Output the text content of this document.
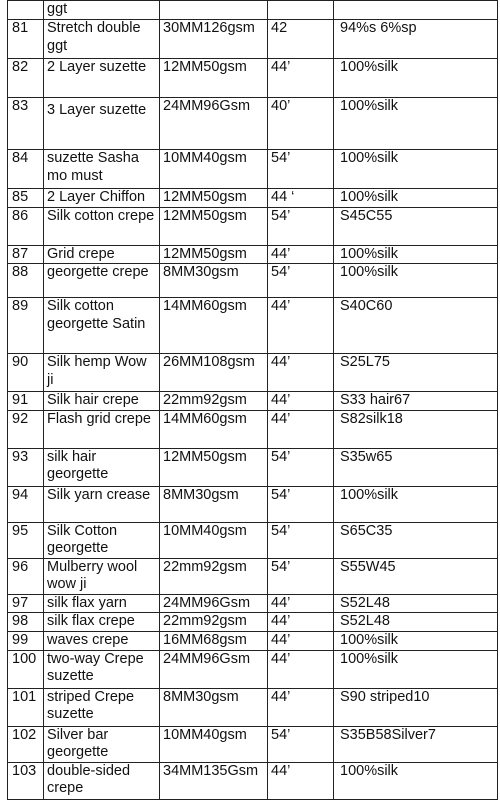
	ggt			
81	Stretch double ggt	30MM126gsm	42	94%s 6%sp
82	2 Layer suzette	12MM50gsm	44’	100%silk
83	3 Layer suzette	24MM96Gsm	40’	100%silk
84	suzette Sasha mo must	10MM40gsm	54’	100%silk
85	2 Layer Chiffon	12MM50gsm	44 ‘	100%silk
86	Silk cotton crepe	12MM50gsm	54’	S45C55
87	Grid crepe	12MM50gsm	44’	100%silk
88	georgette crepe	8MM30gsm	54’	100%silk
89	Silk cotton georgette Satin	14MM60gsm	44’	S40C60
90	Silk hemp Wow ji	26MM108gsm	44’	S25L75
91	Silk hair crepe	22mm92gsm	44’	S33 hair67
92	Flash grid crepe	14MM60gsm	44’	S82silk18
93	silk hair georgette	12MM50gsm	54’	S35w65
94	Silk yarn crease	8MM30gsm	54’	100%silk
95	Silk Cotton georgette	10MM40gsm	54’	S65C35
96	Mulberry wool wow ji	22mm92gsm	54’	S55W45
97	silk flax yarn	24MM96Gsm	44’	S52L48
98	silk flax crepe	22mm92gsm	44’	S52L48
99	waves crepe	16MM68gsm	44’	100%silk
100	two-way Crepe suzette	24MM96Gsm	44’	100%silk
101	striped Crepe suzette	8MM30gsm	44’	S90 striped10
102	Silver bar georgette	10MM40gsm	54’	S35B58Silver7
103	double-sided crepe	34MM135Gsm	44’	100%silk
